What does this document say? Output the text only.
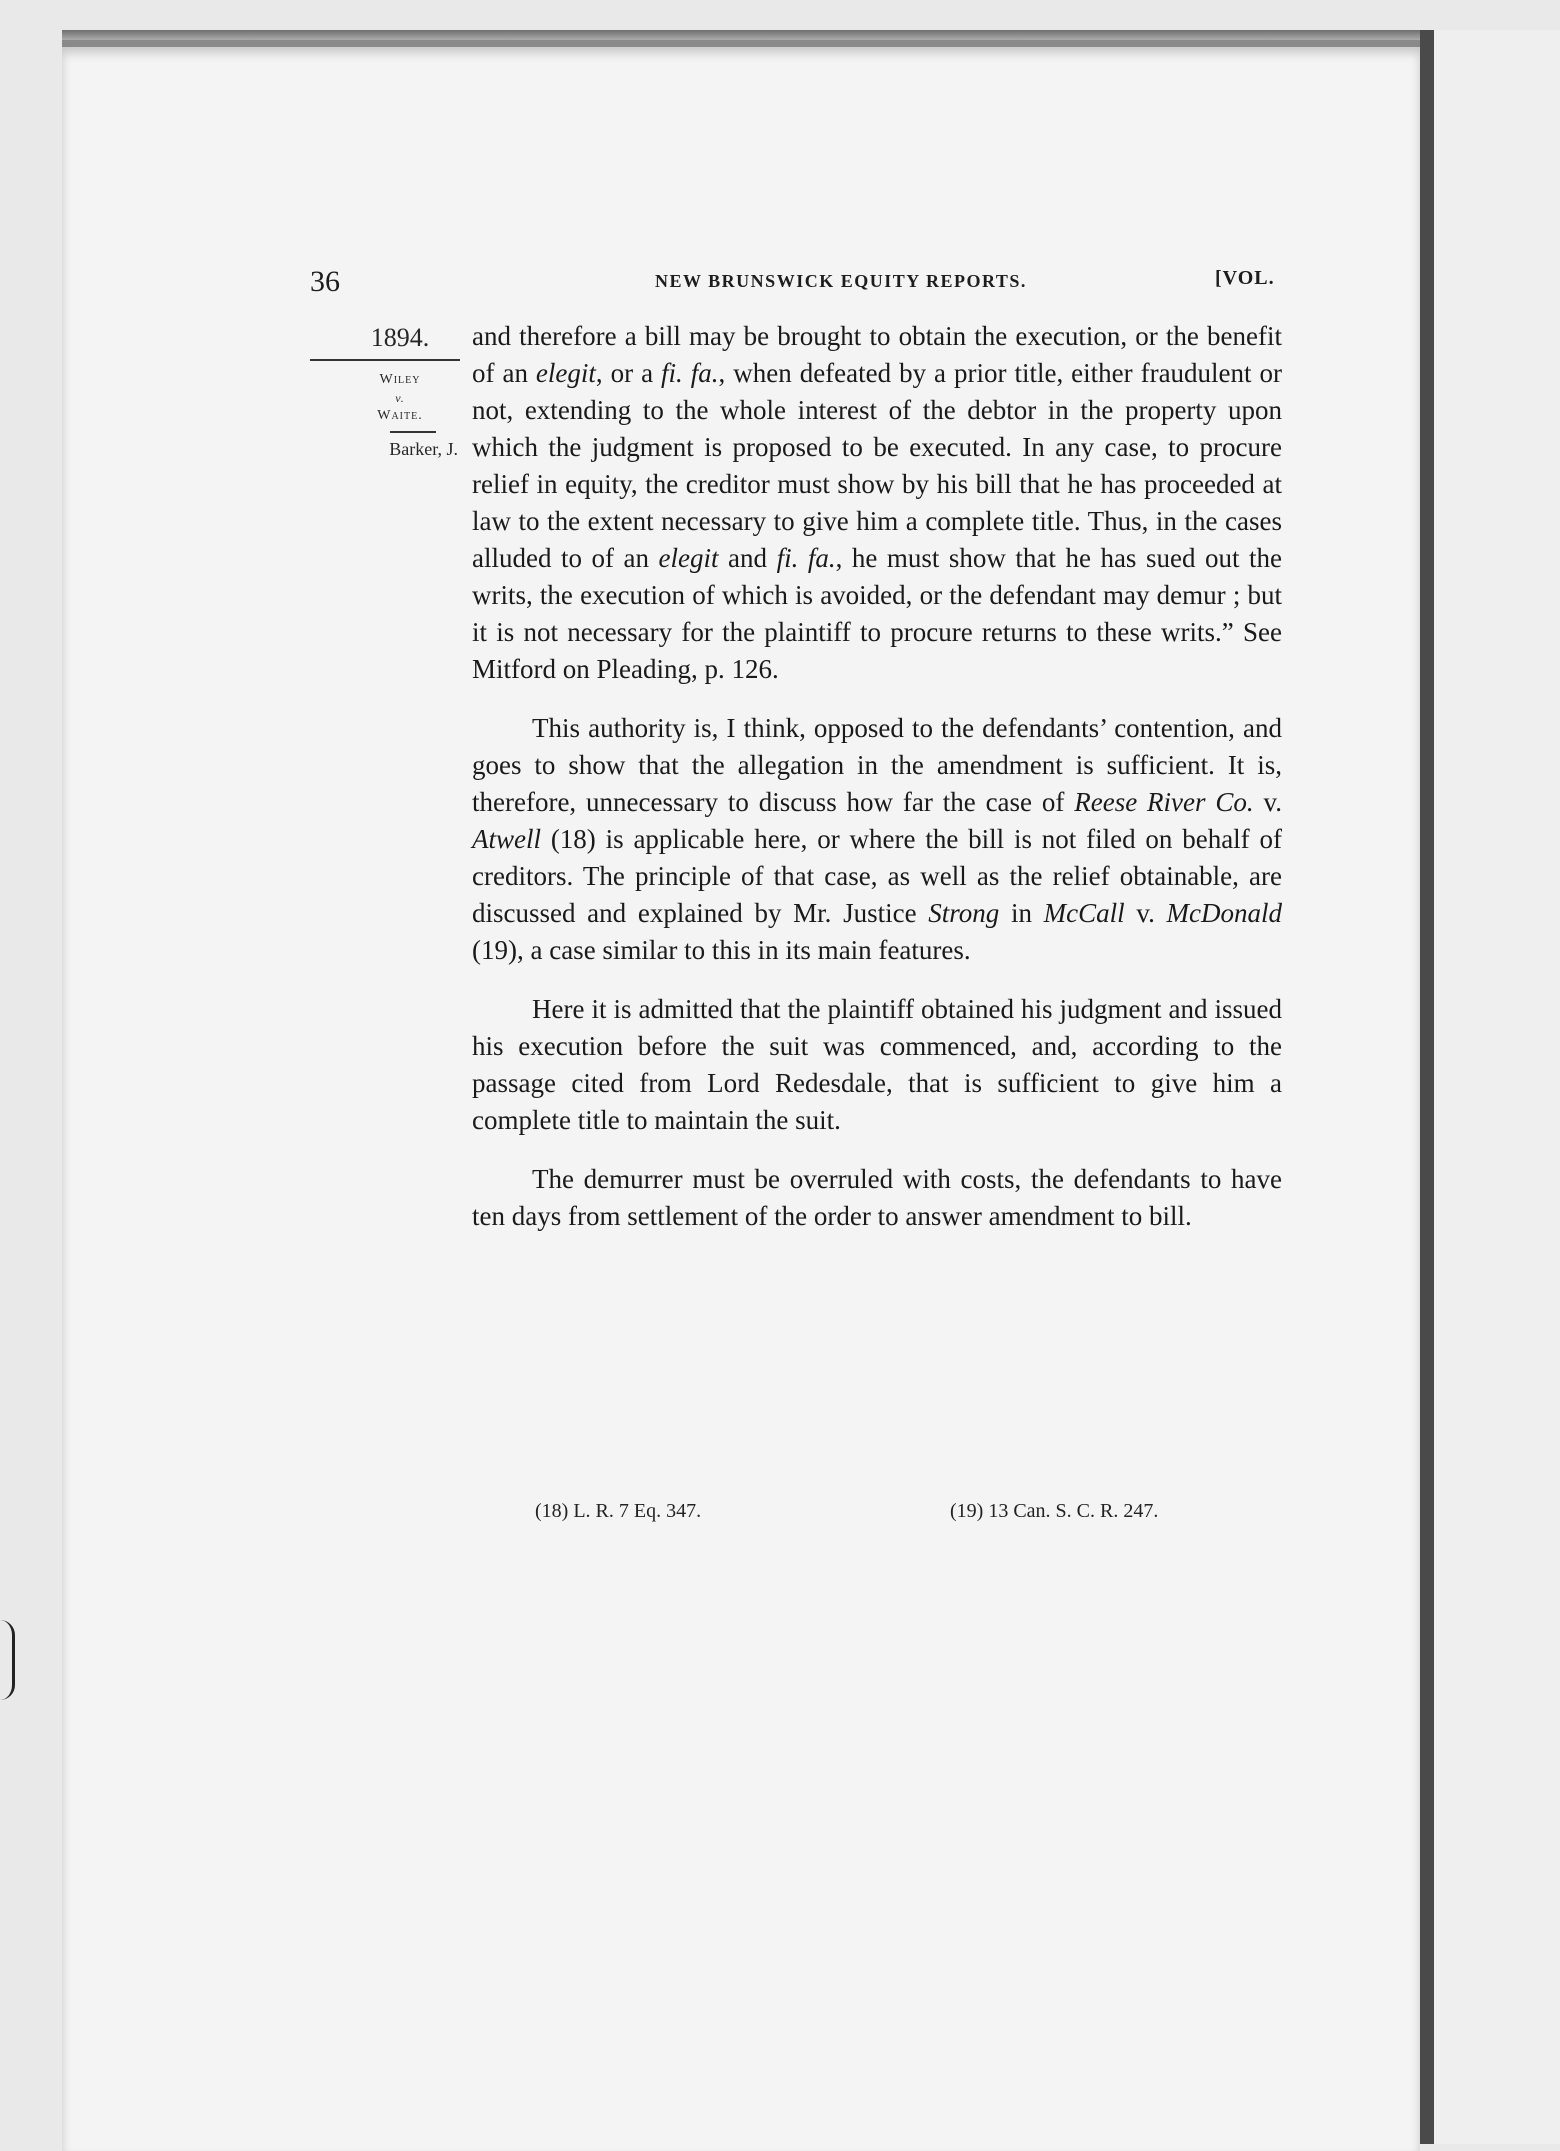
36	NEW BRUNSWICK EQUITY REPORTS.	[VOL.
1894.
Wiley
v.
Waite.
Barker, J.

and therefore a bill may be brought to obtain the execution, or the benefit of an elegit, or a fi. fa., when defeated by a prior title, either fraudulent or not, extending to the whole interest of the debtor in the property upon which the judgment is proposed to be executed. In any case, to procure relief in equity, the creditor must show by his bill that he has proceeded at law to the extent necessary to give him a complete title. Thus, in the cases alluded to of an elegit and fi. fa., he must show that he has sued out the writs, the execution of which is avoided, or the defendant may demur ; but it is not necessary for the plaintiff to procure returns to these writs.” See Mitford on Pleading, p. 126.

This authority is, I think, opposed to the defendants’ contention, and goes to show that the allegation in the amendment is sufficient. It is, therefore, unnecessary to discuss how far the case of Reese River Co. v. Atwell (18) is applicable here, or where the bill is not filed on behalf of creditors. The principle of that case, as well as the relief obtainable, are discussed and explained by Mr. Justice Strong in McCall v. McDonald (19), a case similar to this in its main features.

Here it is admitted that the plaintiff obtained his judgment and issued his execution before the suit was commenced, and, according to the passage cited from Lord Redesdale, that is sufficient to give him a complete title to maintain the suit.

The demurrer must be overruled with costs, the defendants to have ten days from settlement of the order to answer amendment to bill.

(18) L. R. 7 Eq. 347.	(19) 13 Can. S. C. R. 247.
